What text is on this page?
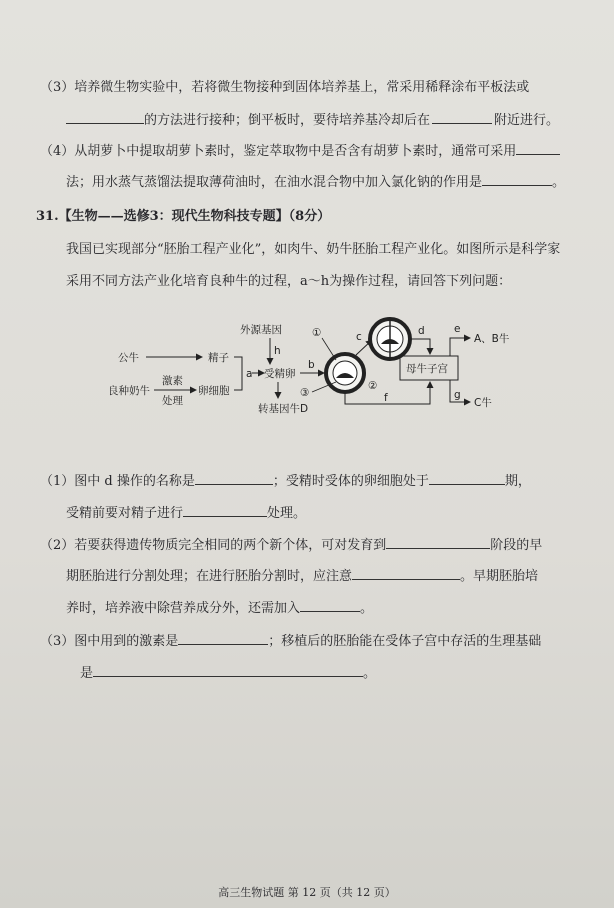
（3）培养微生物实验中，若将微生物接种到固体培养基上，常采用稀释涂布平板法或
的方法进行接种；倒平板时，要待培养基冷却后在	附近进行。
（4）从胡萝卜中提取胡萝卜素时，鉴定萃取物中是否含有胡萝卜素时，通常可采用
法；用水蒸气蒸馏法提取薄荷油时，在油水混合物中加入氯化钠的作用是	。
31.【生物——选修3：现代生物科技专题】（8分）
我国已实现部分“胚胎工程产业化”，如肉牛、奶牛胚胎工程产业化。如图所示是科学家
采用不同方法产业化培育良种牛的过程，a～h为操作过程，请回答下列问题：
公牛	精子
良种奶牛
激素
处理
卵细胞
a
外源基因
h
受精卵
转基因牛D
b
①
②
③
c	d
母牛子宫
f
e
A、B牛
g
C牛
（1）图中 d 操作的名称是	；受精时受体的卵细胞处于	期，
受精前要对精子进行	处理。
（2）若要获得遗传物质完全相同的两个新个体，可对发育到	阶段的早
期胚胎进行分割处理；在进行胚胎分割时，应注意	。早期胚胎培
养时，培养液中除营养成分外，还需加入	。
（3）图中用到的激素是	；移植后的胚胎能在受体子宫中存活的生理基础
是	。
高三生物试题 第 12 页（共 12 页）
